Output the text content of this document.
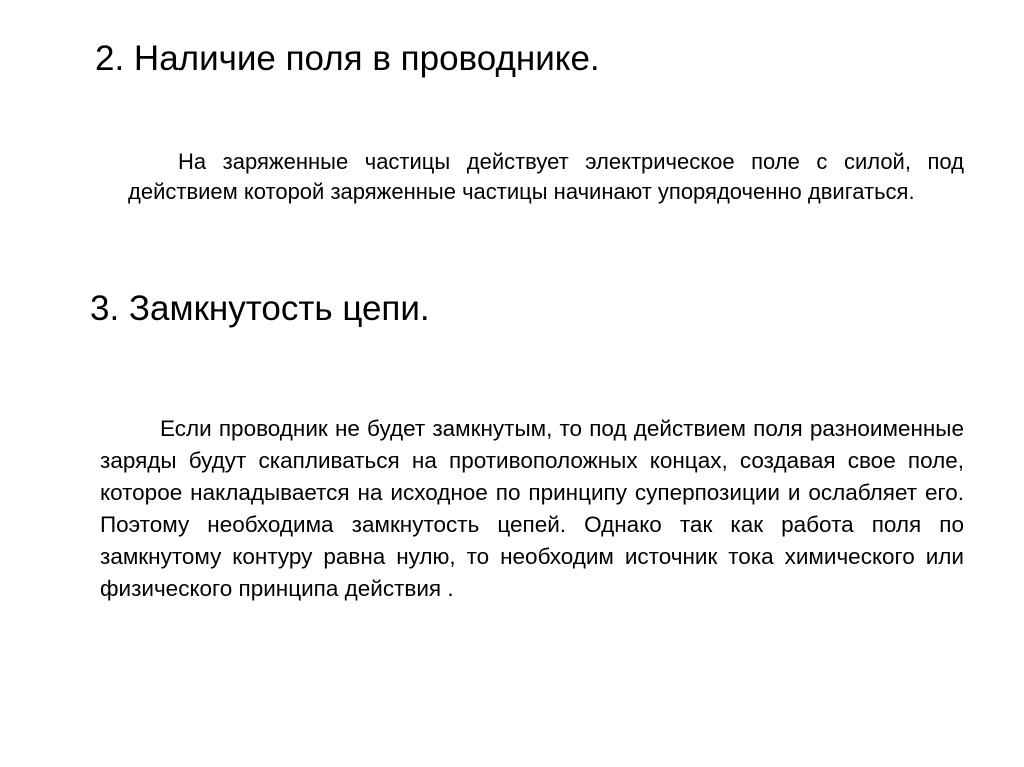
2. Наличие поля в проводнике.

На заряженные частицы действует электрическое поле с силой, под действием которой заряженные частицы начинают упорядоченно двигаться.

3. Замкнутость цепи.

Если проводник не будет замкнутым, то под действием поля разноименные заряды будут скапливаться на противоположных концах, создавая свое поле, которое накладывается на исходное по принципу суперпозиции и ослабляет его. Поэтому необходима замкнутость цепей. Однако так как работа поля по замкнутому контуру равна нулю, то необходим источник тока химического или физического принципа действия .
